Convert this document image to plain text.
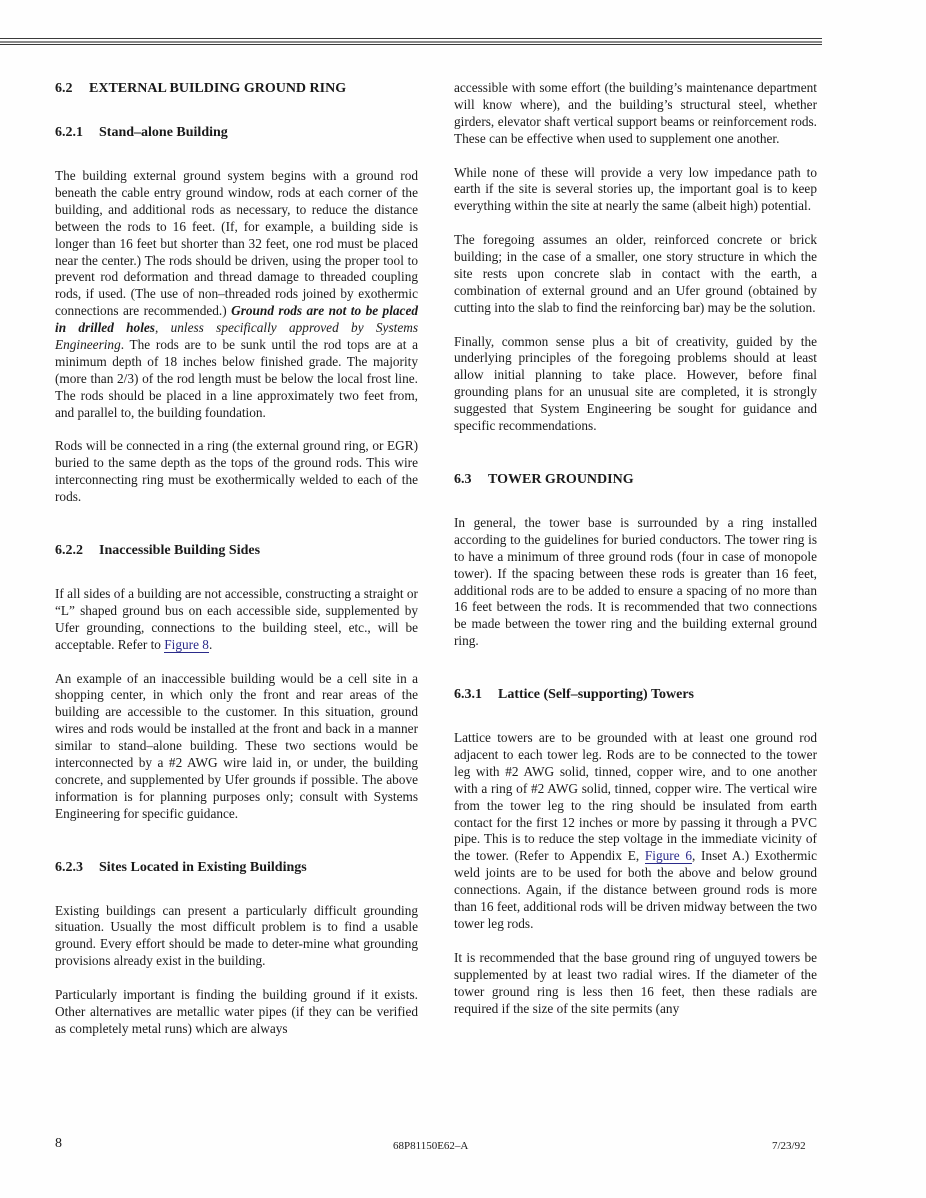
6.2 EXTERNAL BUILDING GROUND RING
6.2.1 Stand–alone Building

The building external ground system begins with a ground rod beneath the cable entry ground window, rods at each corner of the building, and additional rods as necessary, to reduce the distance between the rods to 16 feet. (If, for example, a building side is longer than 16 feet but shorter than 32 feet, one rod must be placed near the center.) The rods should be driven, using the proper tool to prevent rod deformation and thread damage to threaded coupling rods, if used. (The use of non–threaded rods joined by exothermic connections are recommended.) Ground rods are not to be placed in drilled holes, unless specifically approved by Systems Engineering. The rods are to be sunk until the rod tops are at a minimum depth of 18 inches below finished grade. The majority (more than 2/3) of the rod length must be below the local frost line. The rods should be placed in a line approximately two feet from, and parallel to, the building foundation.

Rods will be connected in a ring (the external ground ring, or EGR) buried to the same depth as the tops of the ground rods. This wire interconnecting ring must be exothermically welded to each of the rods.

6.2.2 Inaccessible Building Sides

If all sides of a building are not accessible, constructing a straight or “L” shaped ground bus on each accessible side, supplemented by Ufer grounding, connections to the building steel, etc., will be acceptable. Refer to Figure 8.

An example of an inaccessible building would be a cell site in a shopping center, in which only the front and rear areas of the building are accessible to the customer. In this situation, ground wires and rods would be installed at the front and back in a manner similar to stand–alone building. These two sections would be interconnected by a #2 AWG wire laid in, or under, the building concrete, and supplemented by Ufer grounds if possible. The above information is for planning purposes only; consult with Systems Engineering for specific guidance.

6.2.3 Sites Located in Existing Buildings

Existing buildings can present a particularly difficult grounding situation. Usually the most difficult problem is to find a usable ground. Every effort should be made to deter-mine what grounding provisions already exist in the building.

Particularly important is finding the building ground if it exists. Other alternatives are metallic water pipes (if they can be verified as completely metal runs) which are always

accessible with some effort (the building’s maintenance department will know where), and the building’s structural steel, whether girders, elevator shaft vertical support beams or reinforcement rods. These can be effective when used to supplement one another.

While none of these will provide a very low impedance path to earth if the site is several stories up, the important goal is to keep everything within the site at nearly the same (albeit high) potential.

The foregoing assumes an older, reinforced concrete or brick building; in the case of a smaller, one story structure in which the site rests upon concrete slab in contact with the earth, a combination of external ground and an Ufer ground (obtained by cutting into the slab to find the reinforcing bar) may be the solution.

Finally, common sense plus a bit of creativity, guided by the underlying principles of the foregoing problems should at least allow initial planning to take place. However, before final grounding plans for an unusual site are completed, it is strongly suggested that System Engineering be sought for guidance and specific recommendations.

6.3 TOWER GROUNDING

In general, the tower base is surrounded by a ring installed according to the guidelines for buried conductors. The tower ring is to have a minimum of three ground rods (four in case of monopole tower). If the spacing between these rods is greater than 16 feet, additional rods are to be added to ensure a spacing of no more than 16 feet between the rods. It is recommended that two connections be made between the tower ring and the building external ground ring.

6.3.1 Lattice (Self–supporting) Towers

Lattice towers are to be grounded with at least one ground rod adjacent to each tower leg. Rods are to be connected to the tower leg with #2 AWG solid, tinned, copper wire, and to one another with a ring of #2 AWG solid, tinned, copper wire. The vertical wire from the tower leg to the ring should be insulated from earth contact for the first 12 inches or more by passing it through a PVC pipe. This is to reduce the step voltage in the immediate vicinity of the tower. (Refer to Appendix E, Figure 6, Inset A.) Exothermic weld joints are to be used for both the above and below ground connections. Again, if the distance between ground rods is more than 16 feet, additional rods will be driven midway between the two tower leg rods.

It is recommended that the base ground ring of unguyed towers be supplemented by at least two radial wires. If the diameter of the tower ground ring is less then 16 feet, then these radials are required if the size of the site permits (any

8	68P81150E62–A	7/23/92
